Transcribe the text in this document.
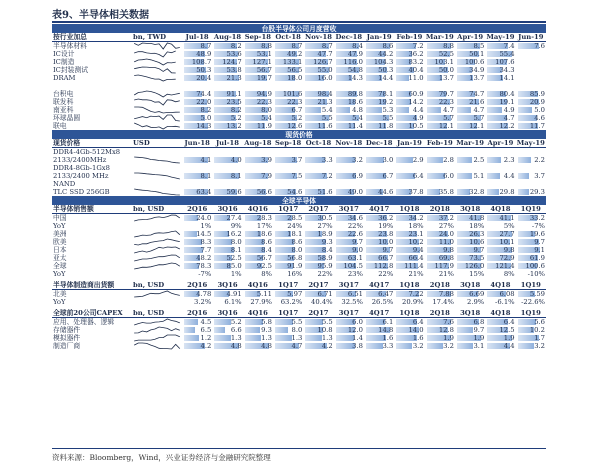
表9、半导体相关数据
台股半导体公司月度营收													
按行业加总	bn, TWD	Jul-18	Aug-18	Sep-18	Oct-18	Nov-18	Dec-18	Jan-19	Feb-19	Mar-19	Apr-19	May-19	Jun-19
半导体材料		8.7	8.2	8.8	8.7	8.7	8.4	8.6	7.2	8.8	8.5	7.4	7.6
IC设计		48.9	53.6	53.1	49.2	47.7	47.9	44.2	36.2	52.5	50.1	55.4	
IC制造		108.7	124.7	127.1	133.1	126.7	116.0	104.3	83.2	103.1	100.6	107.6	
IC封装测试		50.3	53.8	56.7	56.5	55.0	54.8	50.3	40.4	50.0	34.9	34.3	
DRAM		20.4	21.3	19.7	18.0	16.0	14.3	14.4	11.0	13.7	13.7	14.1	

台积电		74.4	91.1	94.9	101.6	98.4	89.8	78.1	60.9	79.7	74.7	80.4	85.9
联发科		22.0	23.5	22.3	22.3	21.3	18.6	19.2	14.2	22.3	21.6	19.1	20.9
南亚科		8.2	8.2	8.0	6.7	5.4	4.8	5.3	4.4	4.7	4.7	4.9	5.0
环球晶圆		5.0	5.2	5.4	5.2	5.5	5.4	5.5	4.9	5.7	5.7	4.7	4.6
联电		14.3	13.2	11.9	12.6	11.6	11.4	11.8	10.5	12.1	12.1	12.2	11.7
现货价格													
现货价格	USD	Jun-18	Jul-18	Aug-18	Sep-18	Oct-18	Nov-18	Dec-18	Jan-19	Feb-19	Mar-19	Apr-19	May-19
DDR4-4Gb-512Mx8													
2133/2400MHz		4.1	4.0	3.9	3.7	3.3	3.2	3.0	2.9	2.8	2.5	2.3	2.2
DDR4-8Gb-1Gx8													
2133/2400 MHz		8.1	8.1	7.9	7.5	7.2	6.9	6.7	6.4	6.0	5.1	4.4	3.7
NAND													
TLC SSD 256GB		63.4	59.6	56.6	54.6	51.6	49.0	44.6	37.8	35.8	32.8	29.8	29.3
全球半导体													
半导体销售额	bn, USD	2Q16	3Q16	4Q16	1Q17	2Q17	3Q17	4Q17	1Q18	2Q18	3Q18	4Q18	1Q19
中国		24.0	27.4	28.3	28.5	30.5	34.6	36.2	34.2	37.2	41.8	41.1	33.2
YoY		1%	9%	17%	24%	27%	22%	19%	18%	27%	18%	5%	-7%
美洲		14.5	16.2	18.6	18.1	18.9	22.6	23.8	23.1	24.0	26.3	27.7	19.6
欧美		8.3	8.0	8.6	8.6	9.3	9.7	10.0	10.2	11.0	10.6	10.1	9.7
日本		7.7	8.1	8.4	8.0	8.4	9.0	9.7	9.4	9.8	9.7	9.8	9.1
亚太		48.2	52.5	56.7	56.8	58.9	63.1	66.7	66.4	69.8	73.5	72.9	61.9
全球		78.3	85.0	92.5	91.9	95.9	104.5	112.8	111.4	117.9	126.0	121.4	100.6
YoY		-7%	1%	8%	16%	22%	23%	22%	21%	21%	15%	8%	-10%

半导体制造商出货额	bn, USD	2Q16	3Q16	4Q16	1Q17	2Q17	3Q17	4Q17	1Q18	2Q18	3Q18	4Q18	1Q19
北美		4.78	4.91	5.11	5.97	6.71	6.51	6.47	7.22	7.88	6.69	6.08	5.59
YoY		3.2%	6.1%	27.9%	63.2%	40.4%	32.5%	26.5%	20.9%	17.4%	2.9%	-6.1%	-22.6%

全球前20公司CAPEX	bn, USD	2Q16	3Q16	4Q16	1Q17	2Q17	3Q17	4Q17	1Q18	2Q18	3Q18	4Q18	1Q19
应用、处理器、逻辑		4.5	5.2	5.8	5.5	5.5	6.0	6.1	6.4	7.6	6.8	6.4	5.6
存储器件		6.5	6.6	9.3	8.0	10.8	12.0	14.8	14.0	12.8	9.7	12.5	10.2
模拟器件		1.2	1.3	1.3	1.3	1.3	1.4	1.6	1.6	1.9	1.9	1.9	1.7
制造厂商		4.2	4.8	4.8	4.7	4.2	3.8	3.3	3.2	3.2	3.1	4.4	3.2
资料来源：Bloomberg，Wind，兴业证券经济与金融研究院整理
